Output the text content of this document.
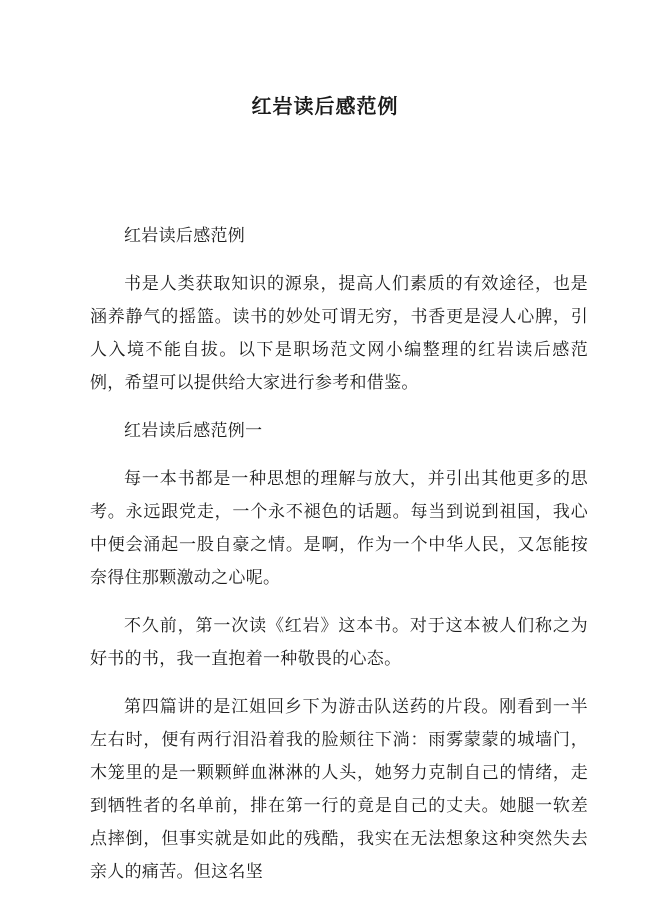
红岩读后感范例

红岩读后感范例

书是人类获取知识的源泉，提高人们素质的有效途径，也是涵养静气的摇篮。读书的妙处可谓无穷，书香更是浸人心脾，引人入境不能自拔。以下是职场范文网小编整理的红岩读后感范例，希望可以提供给大家进行参考和借鉴。

红岩读后感范例一

每一本书都是一种思想的理解与放大，并引出其他更多的思考。永远跟党走，一个永不褪色的话题。每当到说到祖国，我心中便会涌起一股自豪之情。是啊，作为一个中华人民，又怎能按奈得住那颗激动之心呢。

不久前，第一次读《红岩》这本书。对于这本被人们称之为好书的书，我一直抱着一种敬畏的心态。

第四篇讲的是江姐回乡下为游击队送药的片段。刚看到一半左右时，便有两行泪沿着我的脸颊往下淌：雨雾蒙蒙的城墙门，木笼里的是一颗颗鲜血淋淋的人头，她努力克制自己的情绪，走到牺牲者的名单前，排在第一行的竟是自己的丈夫。她腿一软差点摔倒，但事实就是如此的残酷，我实在无法想象这种突然失去亲人的痛苦。但这名坚
